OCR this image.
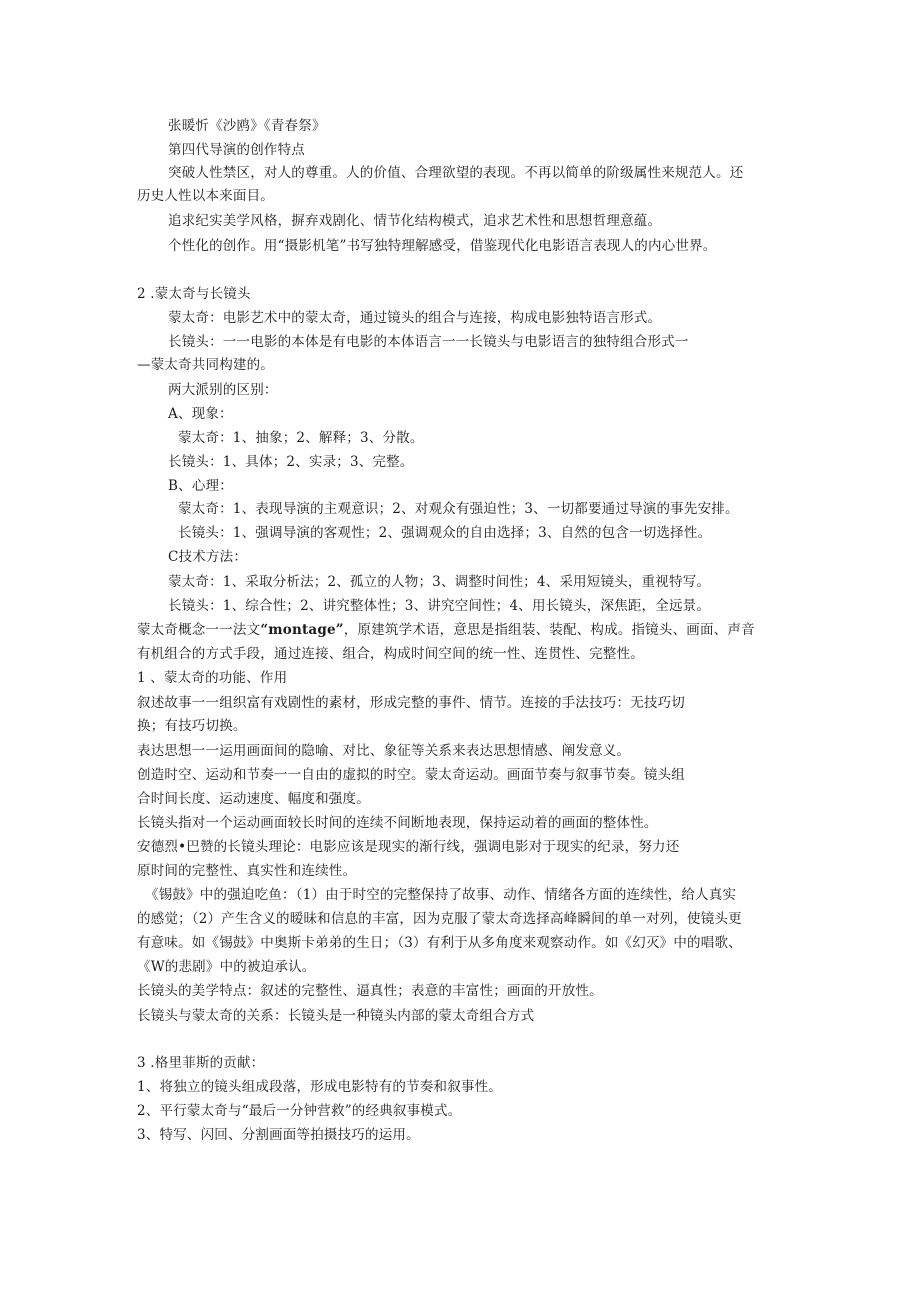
张暖忻《沙鸥》《青春祭》
第四代导演的创作特点
突破人性禁区，对人的尊重。人的价值、合理欲望的表现。不再以简单的阶级属性来规范人。还
历史人性以本来面目。
追求纪实美学风格，摒弃戏剧化、情节化结构模式，追求艺术性和思想哲理意蕴。
个性化的创作。用“摄影机笔”书写独特理解感受，借鉴现代化电影语言表现人的内心世界。
2 .蒙太奇与长镜头
蒙太奇：电影艺术中的蒙太奇，通过镜头的组合与连接，构成电影独特语言形式。
长镜头：一一电影的本体是有电影的本体语言一一长镜头与电影语言的独特组合形式一
—蒙太奇共同构建的。
两大派别的区别：
A、现象：
蒙太奇：1、抽象；2、解释；3、分散。
长镜头：1、具体；2、实录；3、完整。
B、心理：
蒙太奇：1、表现导演的主观意识；2、对观众有强迫性；3、一切都要通过导演的事先安排。
长镜头：1、强调导演的客观性；2、强调观众的自由选择；3、自然的包含一切选择性。
C技术方法：
蒙太奇：1、采取分析法；2、孤立的人物；3、调整时间性；4、采用短镜头，重视特写。
长镜头：1、综合性；2、讲究整体性；3、讲究空间性；4、用长镜头，深焦距，全远景。
蒙太奇概念一一法文“montage”，原建筑学术语，意思是指组装、装配、构成。指镜头、画面、声音
有机组合的方式手段，通过连接、组合，构成时间空间的统一性、连贯性、完整性。
1 、蒙太奇的功能、作用
叙述故事一一组织富有戏剧性的素材，形成完整的事件、情节。连接的手法技巧：无技巧切
换；有技巧切换。
表达思想一一运用画面间的隐喻、对比、象征等关系来表达思想情感、阐发意义。
创造时空、运动和节奏一一自由的虚拟的时空。蒙太奇运动。画面节奏与叙事节奏。镜头组
合时间长度、运动速度、幅度和强度。
长镜头指对一个运动画面较长时间的连续不间断地表现，保持运动着的画面的整体性。
安德烈•巴赞的长镜头理论：电影应该是现实的渐行线，强调电影对于现实的纪录，努力还
原时间的完整性、真实性和连续性。
《锡鼓》中的强迫吃鱼：（1）由于时空的完整保持了故事、动作、情绪各方面的连续性，给人真实
的感觉；（2）产生含义的暧昧和信息的丰富，因为克服了蒙太奇选择高峰瞬间的单一对列，使镜头更
有意味。如《锡鼓》中奥斯卡弟弟的生日；（3）有利于从多角度来观察动作。如《幻灭》中的唱歌、
《W的悲剧》中的被迫承认。
长镜头的美学特点：叙述的完整性、逼真性；表意的丰富性；画面的开放性。
长镜头与蒙太奇的关系：长镜头是一种镜头内部的蒙太奇组合方式
3 .格里菲斯的贡献：
1、将独立的镜头组成段落，形成电影特有的节奏和叙事性。
2、平行蒙太奇与“最后一分钟营救”的经典叙事模式。
3、特写、闪回、分割画面等拍摄技巧的运用。
